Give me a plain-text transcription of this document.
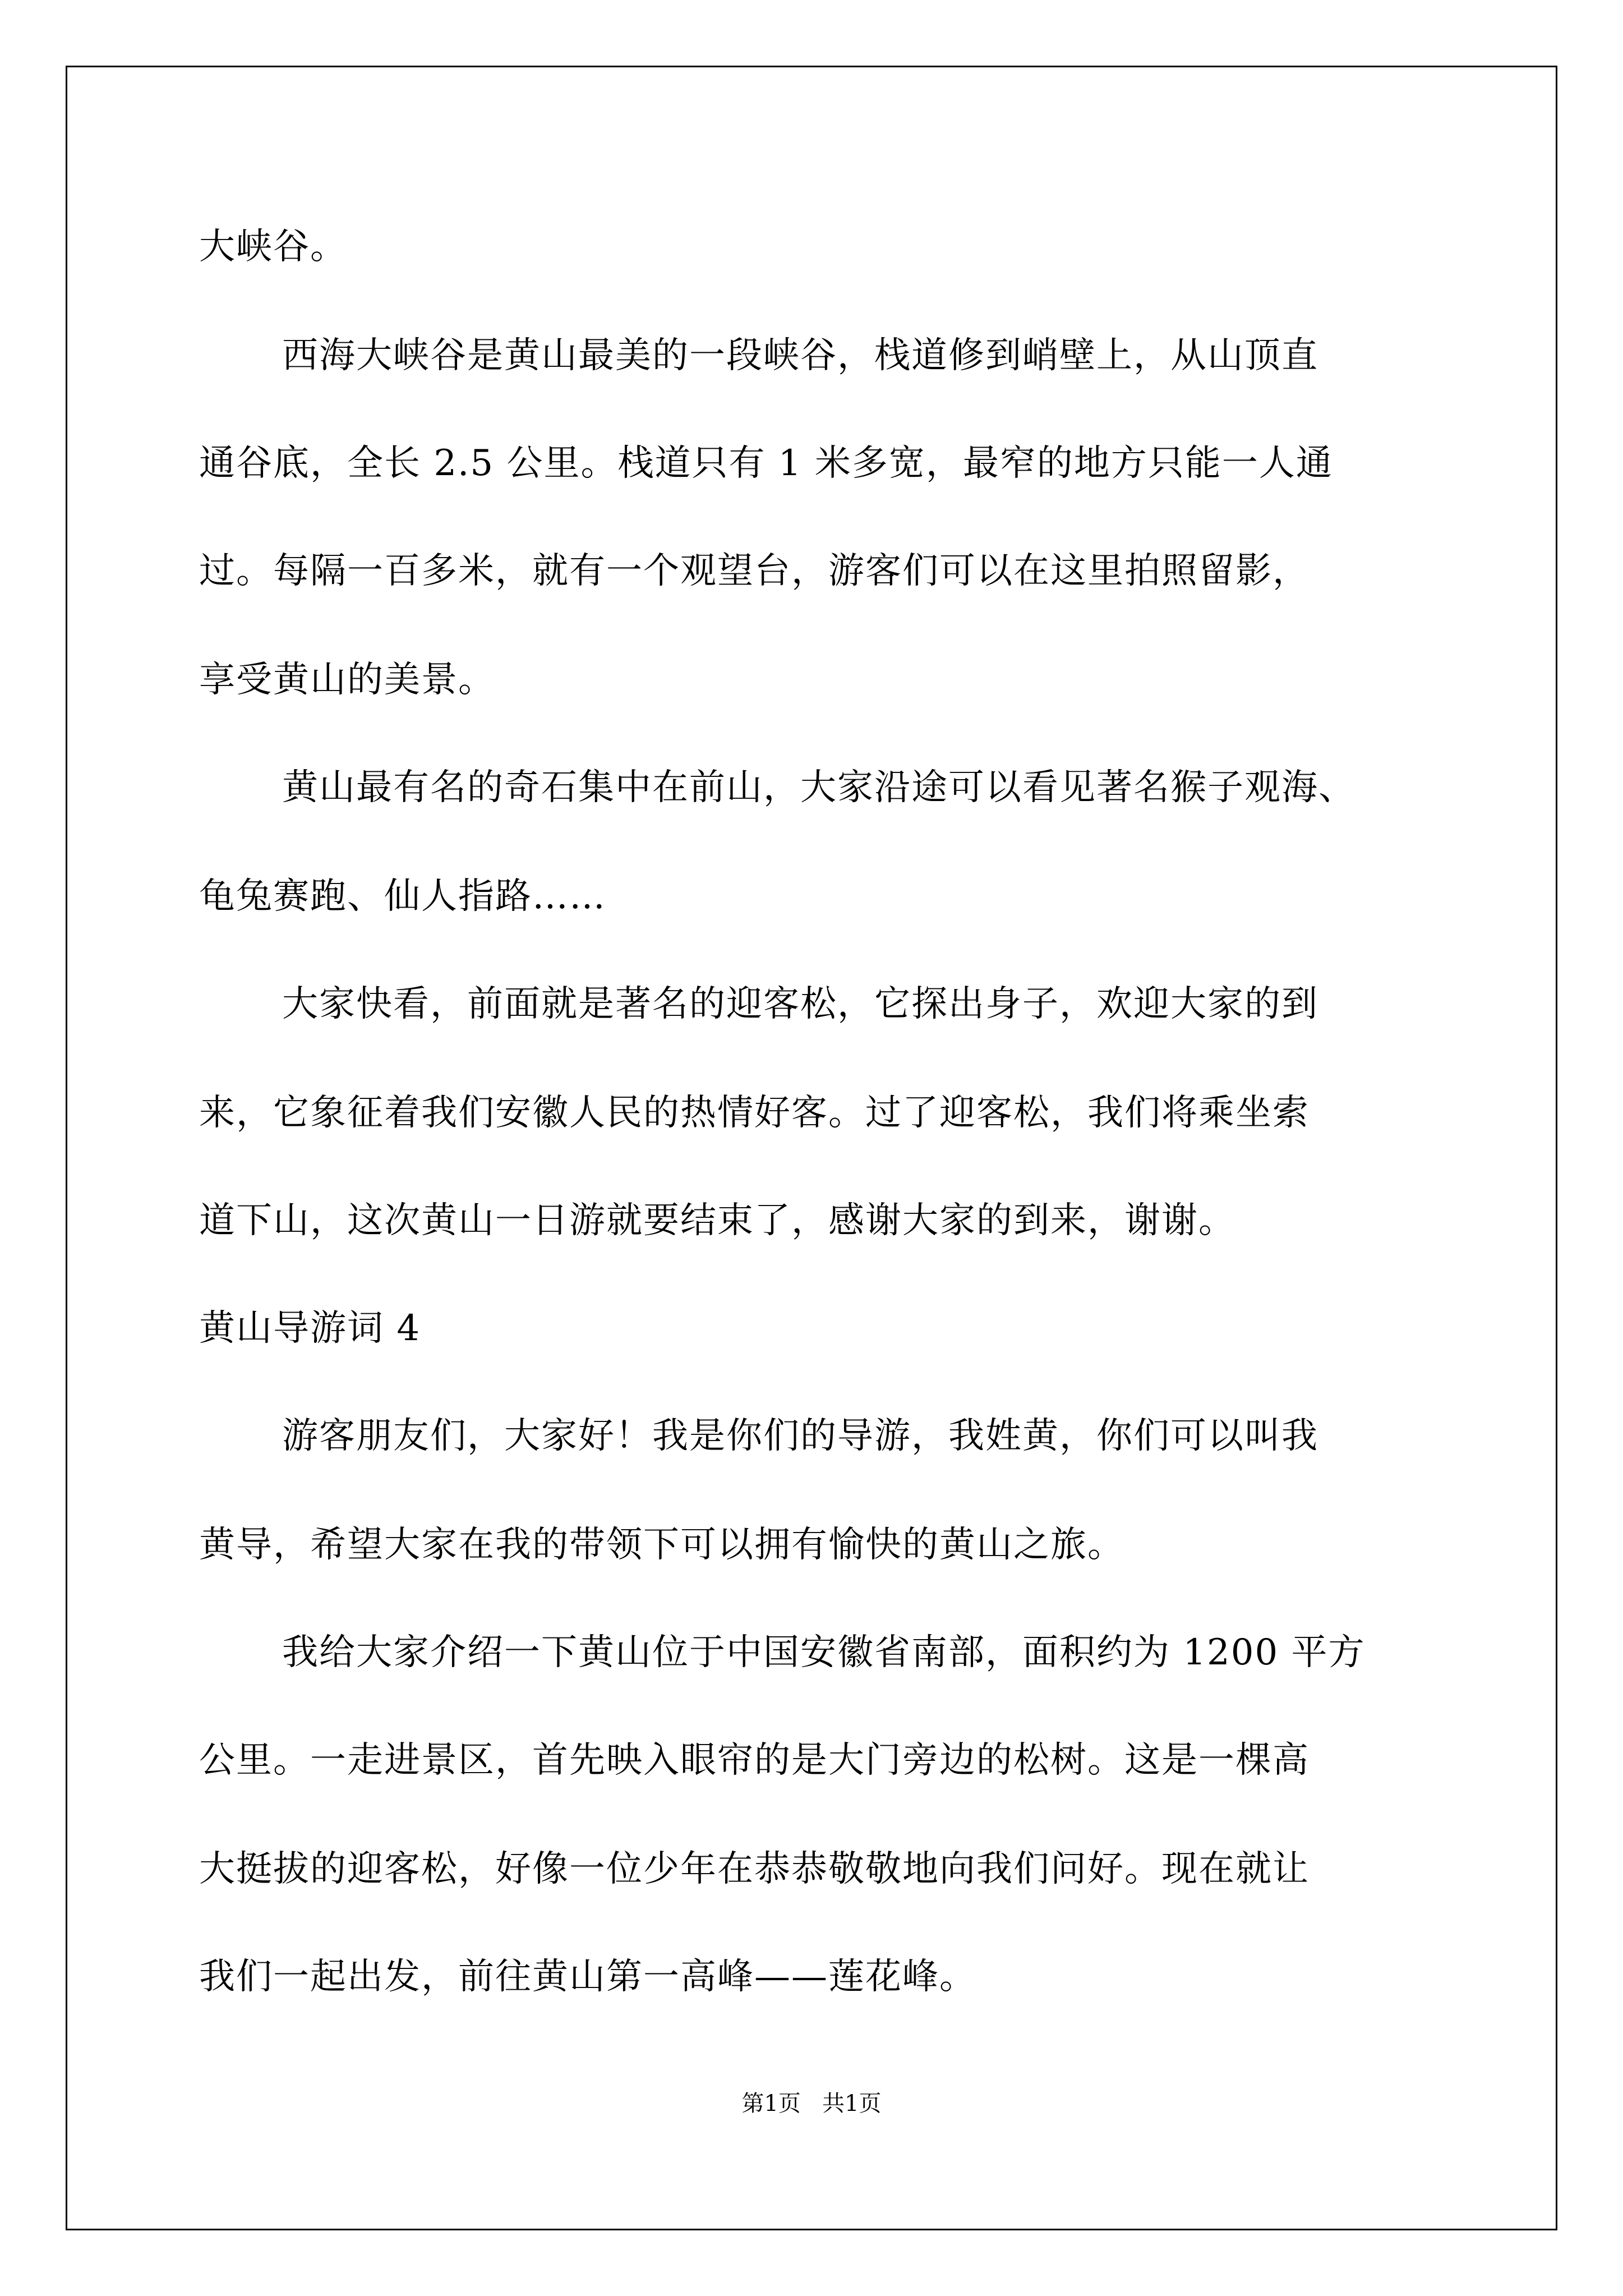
大峡谷。
西海大峡谷是黄山最美的一段峡谷，栈道修到峭壁上，从山顶直
通谷底，全长 2.5 公里。栈道只有 1 米多宽，最窄的地方只能一人通
过。每隔一百多米，就有一个观望台，游客们可以在这里拍照留影，
享受黄山的美景。
黄山最有名的奇石集中在前山，大家沿途可以看见著名猴子观海、
龟兔赛跑、仙人指路……
大家快看，前面就是著名的迎客松，它探出身子，欢迎大家的到
来，它象征着我们安徽人民的热情好客。过了迎客松，我们将乘坐索
道下山，这次黄山一日游就要结束了，感谢大家的到来，谢谢。
黄山导游词 4
游客朋友们，大家好！我是你们的导游，我姓黄，你们可以叫我
黄导，希望大家在我的带领下可以拥有愉快的黄山之旅。
我给大家介绍一下黄山位于中国安徽省南部，面积约为 1200 平方
公里。一走进景区，首先映入眼帘的是大门旁边的松树。这是一棵高
大挺拔的迎客松，好像一位少年在恭恭敬敬地向我们问好。现在就让
我们一起出发，前往黄山第一高峰——莲花峰。
第1页   共1页
